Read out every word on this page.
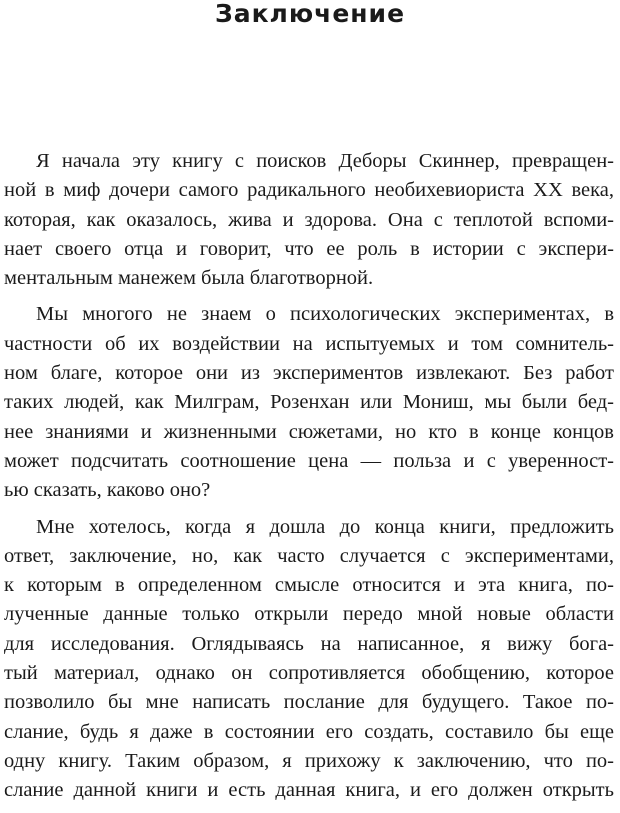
Заключение
Я начала эту книгу с поисков Деборы Скиннер, превращен-
ной в миф дочери самого радикального необихевиориста XX века,
которая, как оказалось, жива и здорова. Она с теплотой вспоми-
нает своего отца и говорит, что ее роль в истории с экспери-
ментальным манежем была благотворной.
Мы многого не знаем о психологических экспериментах, в
частности об их воздействии на испытуемых и том сомнитель-
ном благе, которое они из экспериментов извлекают. Без работ
таких людей, как Милграм, Розенхан или Мониш, мы были бед-
нее знаниями и жизненными сюжетами, но кто в конце концов
может подсчитать соотношение цена — польза и с уверенност-
ью сказать, каково оно?
Мне хотелось, когда я дошла до конца книги, предложить
ответ, заключение, но, как часто случается с экспериментами,
к которым в определенном смысле относится и эта книга, по-
лученные данные только открыли передо мной новые области
для исследования. Оглядываясь на написанное, я вижу бога-
тый материал, однако он сопротивляется обобщению, которое
позволило бы мне написать послание для будущего. Такое по-
слание, будь я даже в состоянии его создать, составило бы еще
одну книгу. Таким образом, я прихожу к заключению, что по-
слание данной книги и есть данная книга, и его должен открыть
